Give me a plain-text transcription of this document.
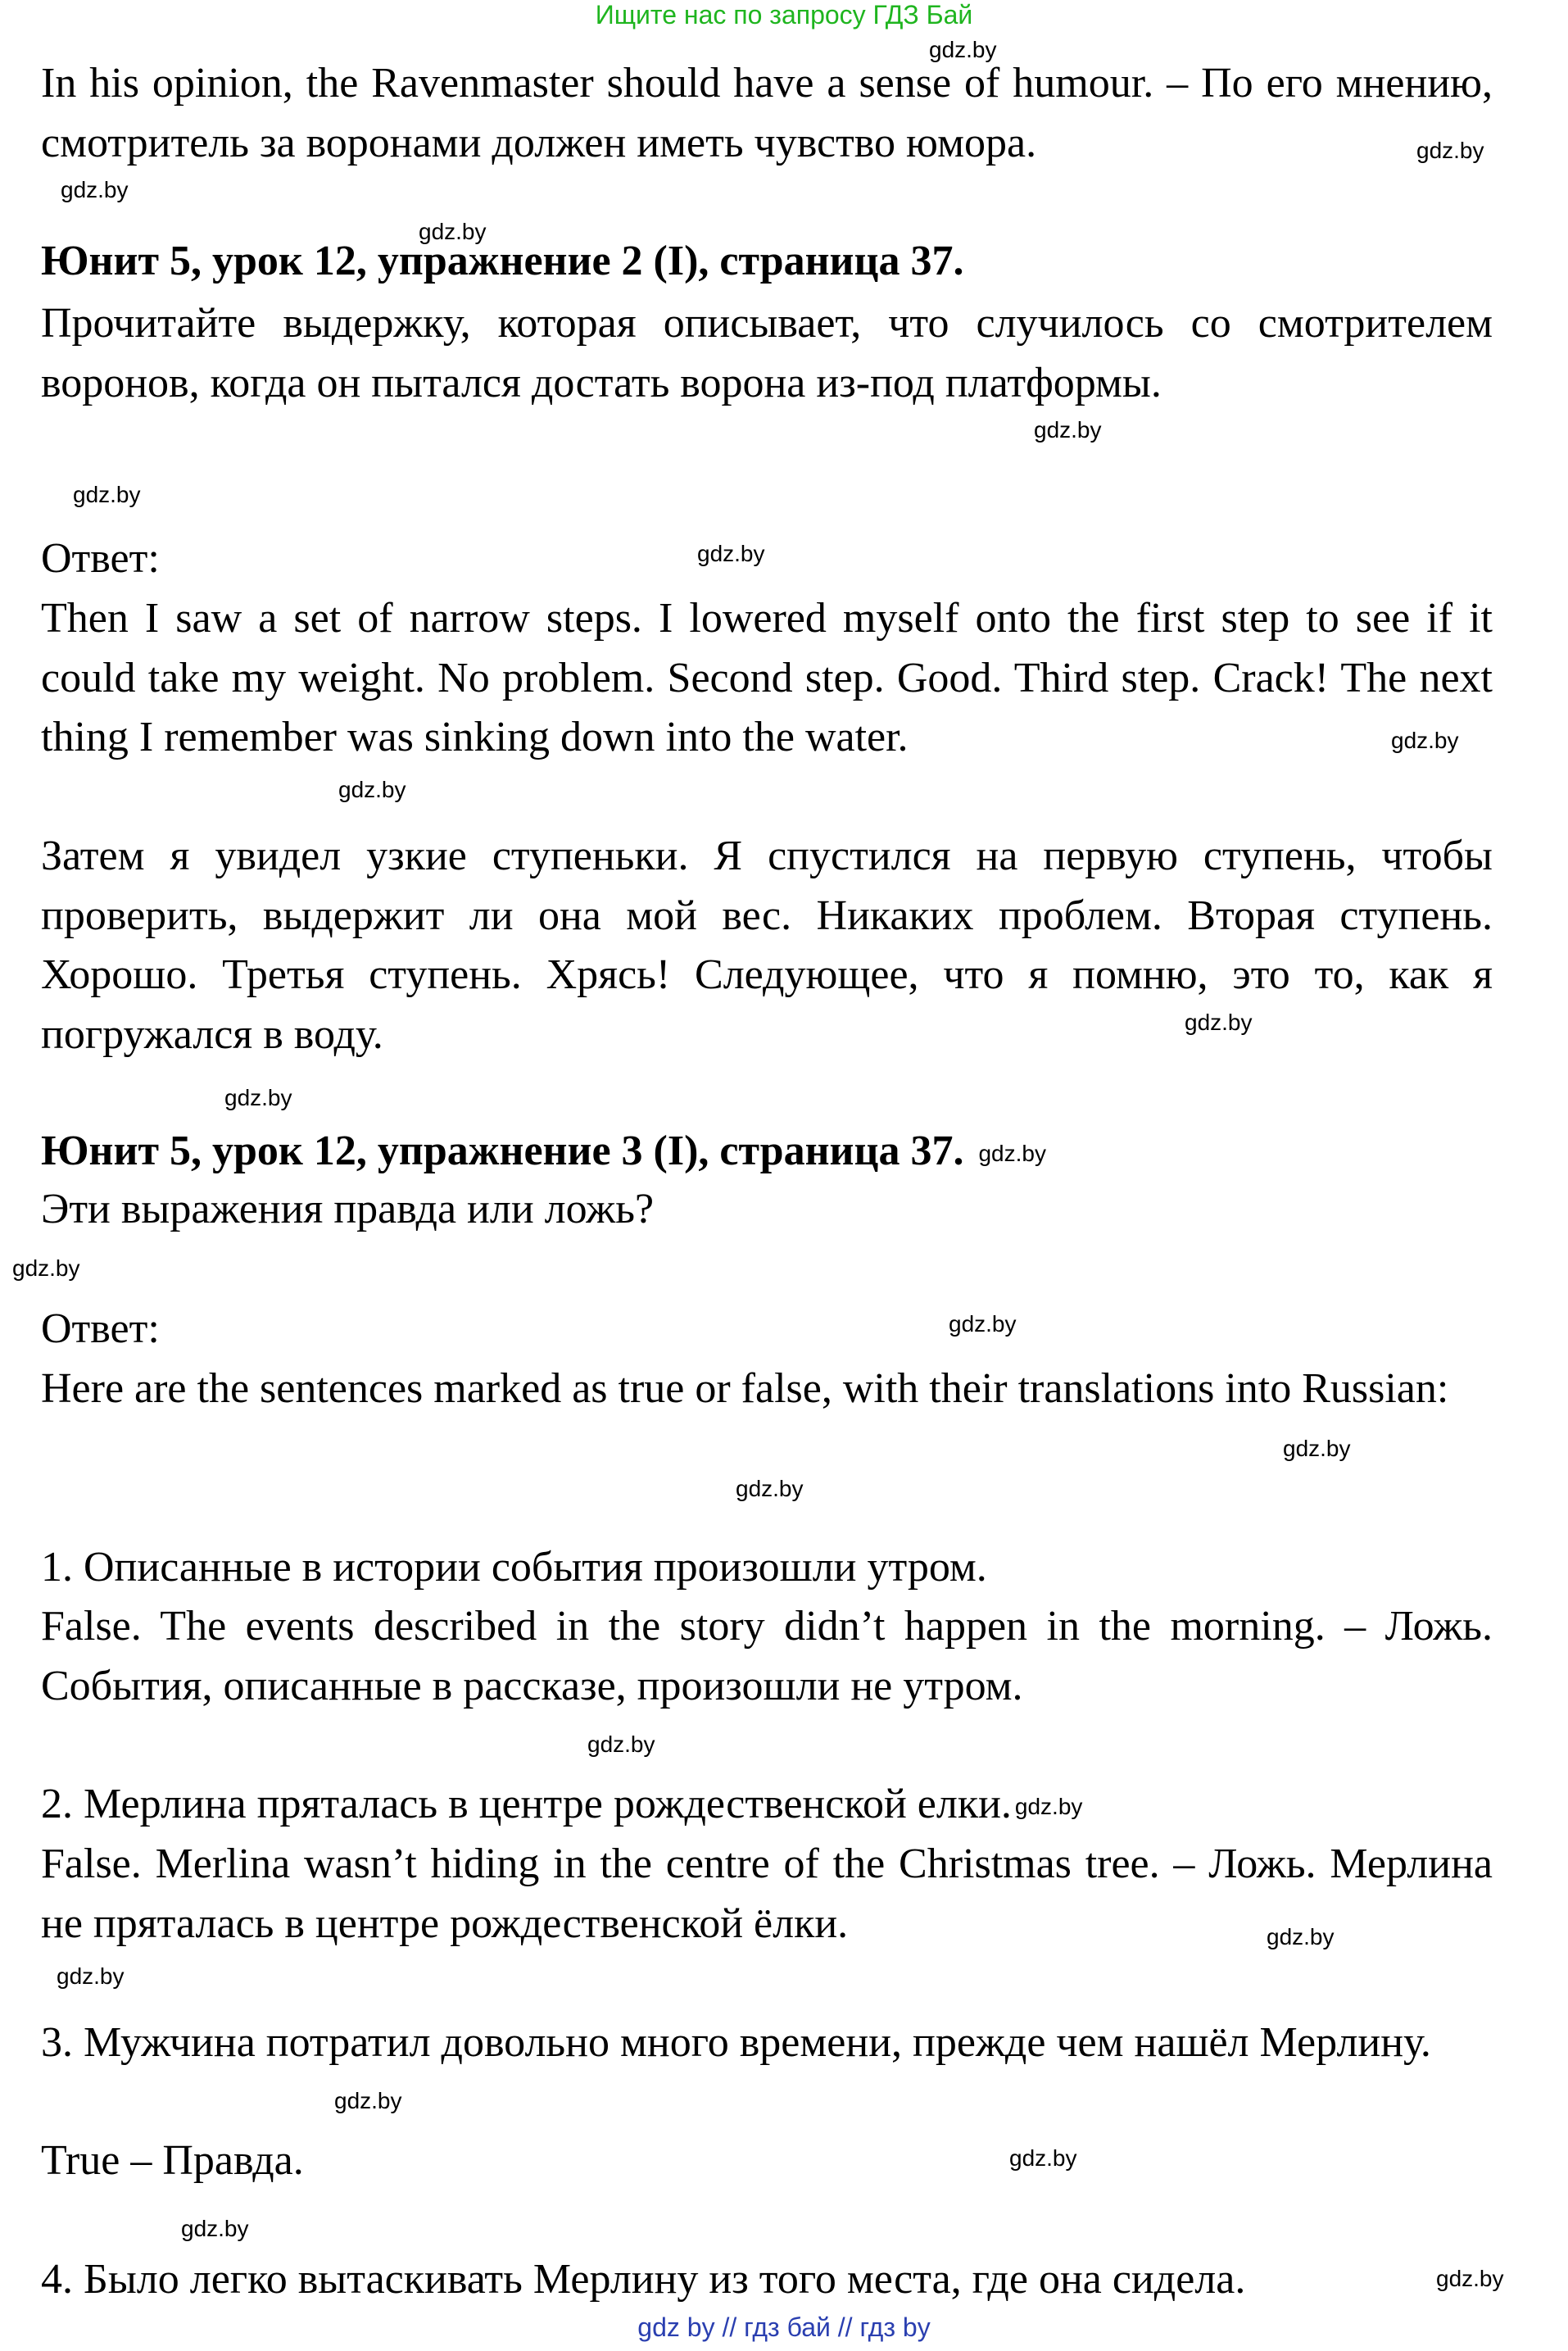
Ищите нас по запросу ГДЗ Бай
In his opinion, the Ravenmaster should have a sense of humour. – По его мнению, смотритель за воронами должен иметь чувство юмора.
Юнит 5, урок 12, упражнение 2 (I), страница 37.
Прочитайте выдержку, которая описывает, что случилось со смотрителем воронов, когда он пытался достать ворона из-под платформы.
Ответ:
Then I saw a set of narrow steps. I lowered myself onto the first step to see if it could take my weight. No problem. Second step. Good. Third step. Crack! The next thing I remember was sinking down into the water.
Затем я увидел узкие ступеньки. Я спустился на первую ступень, чтобы проверить, выдержит ли она мой вес. Никаких проблем. Вторая ступень. Хорошо. Третья ступень. Хрясь! Следующее, что я помню, это то, как я погружался в воду.
Юнит 5, урок 12, упражнение 3 (I), страница 37. gdz.by
Эти выражения правда или ложь?
Ответ:
Here are the sentences marked as true or false, with their translations into Russian:
1. Описанные в истории события произошли утром.
False. The events described in the story didn’t happen in the morning. – Ложь. События, описанные в рассказе, произошли не утром.
2. Мерлина пряталась в центре рождественской елки. gdz.by
False. Merlina wasn’t hiding in the centre of the Christmas tree. – Ложь. Мерлина не пряталась в центре рождественской ёлки.
3. Мужчина потратил довольно много времени, прежде чем нашёл Мерлину.
True – Правда.
4. Было легко вытаскивать Мерлину из того места, где она сидела.
gdz.by
gdz.by
gdz.by
gdz.by
gdz.by
gdz.by
gdz.by
gdz.by
gdz.by
gdz.by
gdz.by
gdz.by
gdz.by
gdz.by
gdz.by
gdz.by
gdz.by
gdz.by
gdz.by
gdz.by
gdz.by
gdz.by
gdz by // гдз бай // гдз by
